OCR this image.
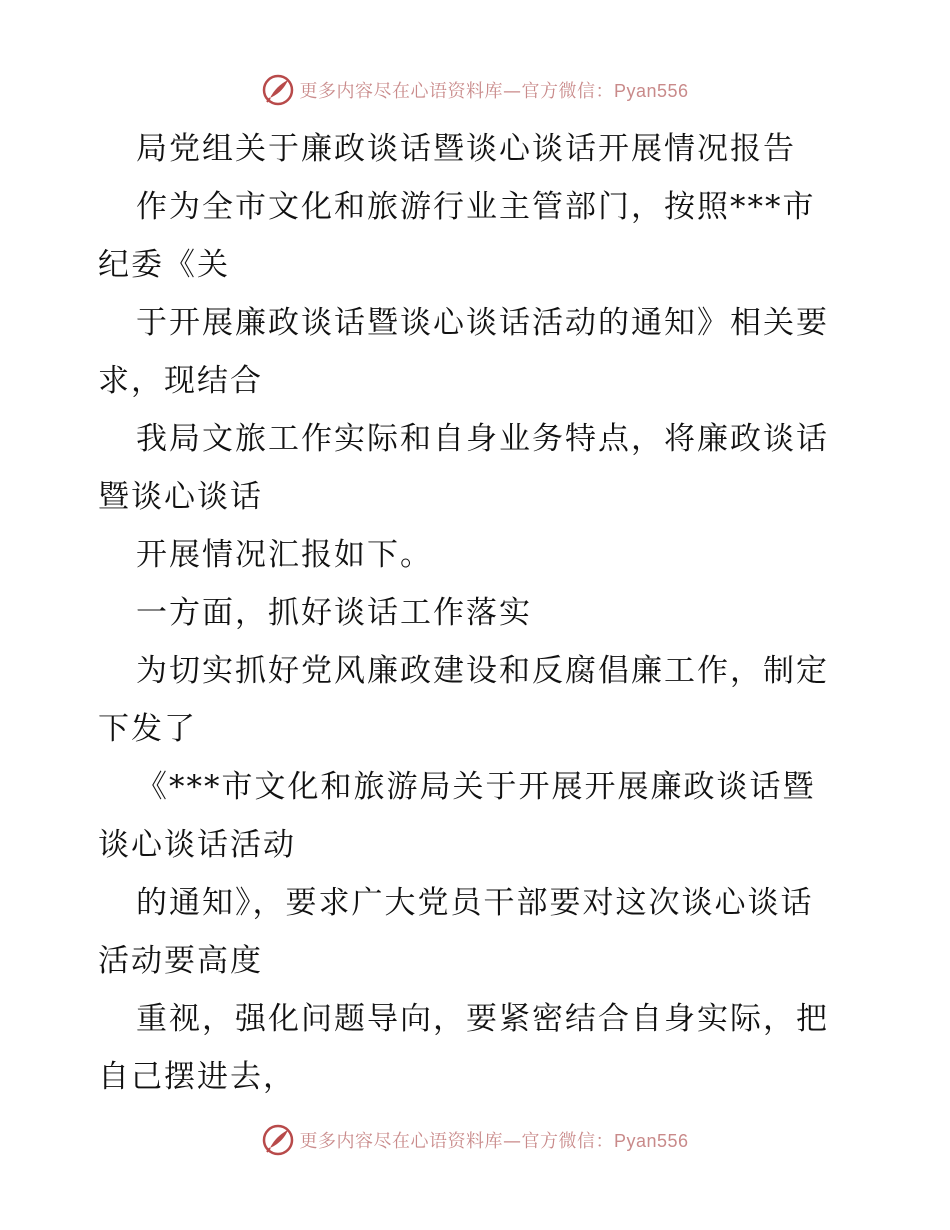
更多内容尽在心语资料库—官方微信：Pyan556
局党组关于廉政谈话暨谈心谈话开展情况报告
作为全市文化和旅游行业主管部门，按照***市
纪委《关
于开展廉政谈话暨谈心谈话活动的通知》相关要
求，现结合
我局文旅工作实际和自身业务特点，将廉政谈话
暨谈心谈话
开展情况汇报如下。
一方面，抓好谈话工作落实
为切实抓好党风廉政建设和反腐倡廉工作，制定
下发了
《***市文化和旅游局关于开展开展廉政谈话暨
谈心谈话活动
的通知》，要求广大党员干部要对这次谈心谈话
活动要高度
重视，强化问题导向，要紧密结合自身实际，把
自己摆进去，
更多内容尽在心语资料库—官方微信：Pyan556
